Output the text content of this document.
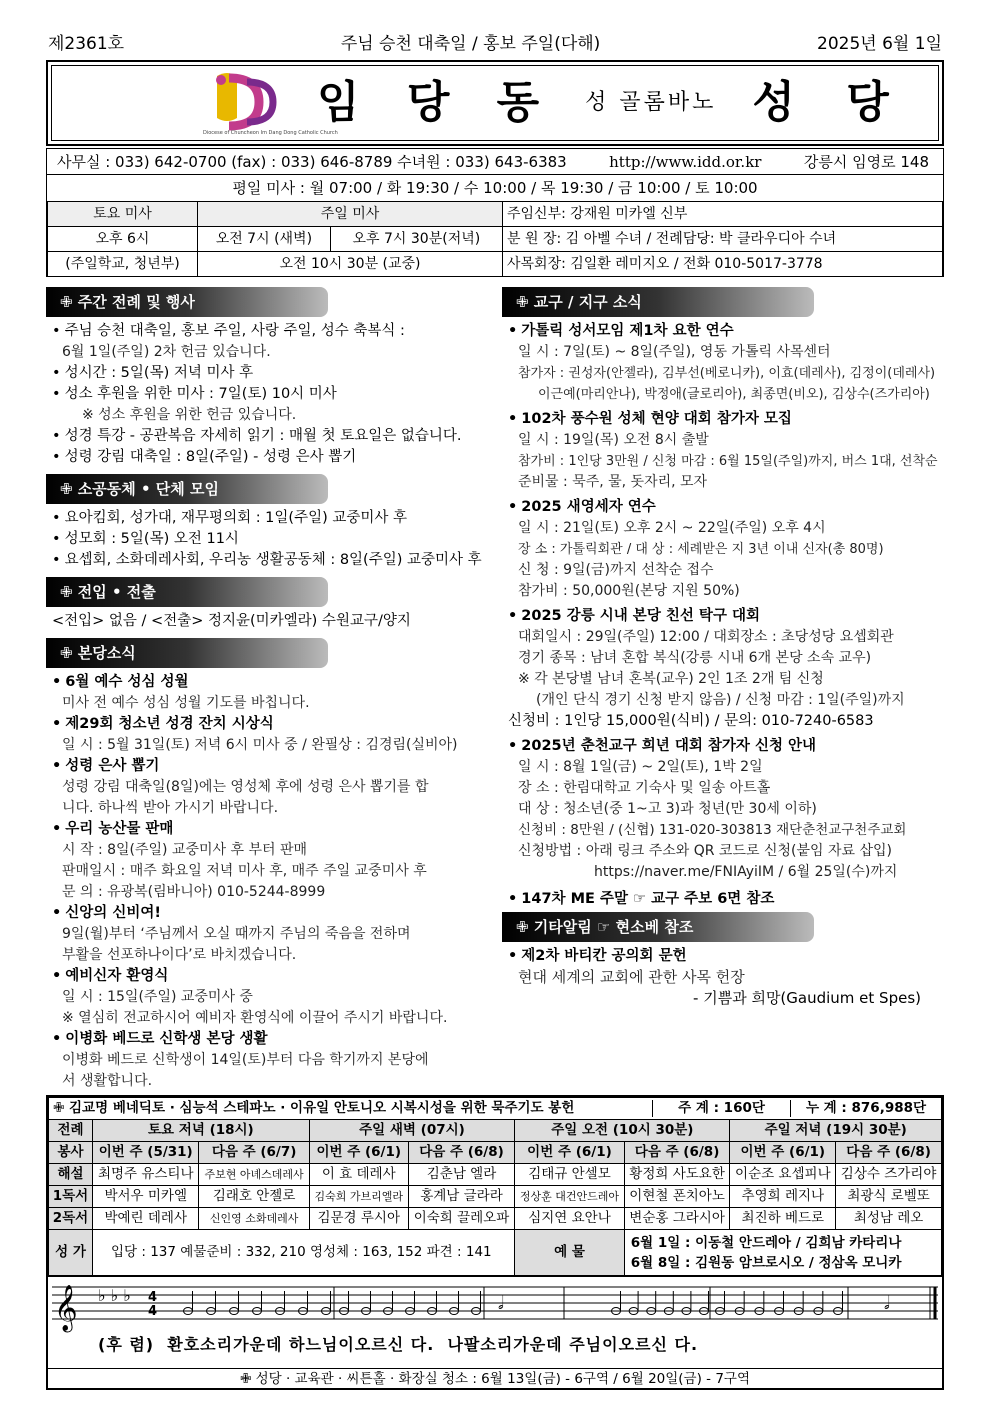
제2361호	주님 승천 대축일 / 홍보 주일(다해)	2025년 6월 1일
Diocese of Chuncheon Im Dang Dong Catholic Church
임 당 동 성 골롬바노 성 당
사무실 : 033) 642-0700 (fax) : 033) 646-8789 수녀원 : 033) 643-6383	http://www.idd.or.kr	강릉시 임영로 148
평일 미사 : 월 07:00 / 화 19:30 / 수 10:00 / 목 19:30 / 금 10:00 / 토 10:00
토요 미사	주일 미사		주임신부: 강재원 미카엘 신부
오후 6시	오전 7시 (새벽)	오후 7시 30분(저녁)	분 원 장: 김 아벨 수녀 / 전례담당: 박 클라우디아 수녀
(주일학교, 청년부)	오전 10시 30분 (교중)		사목회장: 김일환 레미지오 / 전화 010-5017-3778
✙ 주간 전례 및 행사
• 주님 승천 대축일, 홍보 주일, 사랑 주일, 성수 축복식 :
6월 1일(주일) 2차 헌금 있습니다.
• 성시간 : 5일(목) 저녁 미사 후
• 성소 후원을 위한 미사 : 7일(토) 10시 미사
※ 성소 후원을 위한 헌금 있습니다.
• 성경 특강 - 공관복음 자세히 읽기 : 매월 첫 토요일은 없습니다.
• 성령 강림 대축일 : 8일(주일) - 성령 은사 뽑기
✙ 소공동체 • 단체 모임
• 요아킴회, 성가대, 재무평의회 : 1일(주일) 교중미사 후
• 성모회 : 5일(목) 오전 11시
• 요셉회, 소화데레사회, 우리농 생활공동체 : 8일(주일) 교중미사 후
✙ 전입 • 전출
<전입> 없음 / <전출> 정지윤(미카엘라) 수원교구/양지
✙ 본당소식
• 6월 예수 성심 성월
미사 전 예수 성심 성월 기도를 바칩니다.
• 제29회 청소년 성경 잔치 시상식
일 시 : 5월 31일(토) 저녁 6시 미사 중 / 완필상 : 김경림(실비아)
• 성령 은사 뽑기
성령 강림 대축일(8일)에는 영성체 후에 성령 은사 뽑기를 합
니다. 하나씩 받아 가시기 바랍니다.
• 우리 농산물 판매
시 작 : 8일(주일) 교중미사 후 부터 판매
판매일시 : 매주 화요일 저녁 미사 후, 매주 주일 교중미사 후
문 의 : 유광복(림바니아) 010-5244-8999
• 신앙의 신비여!
9일(월)부터 ‘주님께서 오실 때까지 주님의 죽음을 전하며
부활을 선포하나이다’로 바치겠습니다.
• 예비신자 환영식
일 시 : 15일(주일) 교중미사 중
※ 열심히 전교하시어 예비자 환영식에 이끌어 주시기 바랍니다.
• 이병화 베드로 신학생 본당 생활
이병화 베드로 신학생이 14일(토)부터 다음 학기까지 본당에
서 생활합니다.
✙ 교구 / 지구 소식
• 가톨릭 성서모임 제1차 요한 연수
일 시 : 7일(토) ~ 8일(주일), 영동 가톨릭 사목센터
참가자 : 권성자(안젤라), 김부선(베로니카), 이효(데레사), 김정이(데레사)
이근예(마리안나), 박정애(글로리아), 최종면(비오), 김상수(즈가리아)
• 102차 풍수원 성체 현양 대회 참가자 모집
일 시 : 19일(목) 오전 8시 출발
참가비 : 1인당 3만원 / 신청 마감 : 6월 15일(주일)까지, 버스 1대, 선착순
준비물 : 묵주, 물, 돗자리, 모자
• 2025 새영세자 연수
일 시 : 21일(토) 오후 2시 ~ 22일(주일) 오후 4시
장 소 : 가톨릭회관 / 대 상 : 세례받은 지 3년 이내 신자(총 80명)
신 청 : 9일(금)까지 선착순 접수
참가비 : 50,000원(본당 지원 50%)
• 2025 강릉 시내 본당 친선 탁구 대회
대회일시 : 29일(주일) 12:00 / 대회장소 : 초당성당 요셉회관
경기 종목 : 남녀 혼합 복식(강릉 시내 6개 본당 소속 교우)
※ 각 본당별 남녀 혼복(교우) 2인 1조 2개 팀 신청
(개인 단식 경기 신청 받지 않음) / 신청 마감 : 1일(주일)까지
신청비 : 1인당 15,000원(식비) / 문의: 010-7240-6583
• 2025년 춘천교구 희년 대회 참가자 신청 안내
일 시 : 8월 1일(금) ~ 2일(토), 1박 2일
장 소 : 한림대학교 기숙사 및 일송 아트홀
대 상 : 청소년(중 1~고 3)과 청년(만 30세 이하)
신청비 : 8만원 / (신협) 131-020-303813 재단춘천교구천주교회
신청방법 : 아래 링크 주소와 QR 코드로 신청(붙임 자료 삽입)
https://naver.me/FNIAyiIM / 6월 25일(수)까지
• 147차 ME 주말 ☞ 교구 주보 6면 참조
✙ 기타알림 ☞ 현소베 참조
• 제2차 바티칸 공의회 문헌
현대 세계의 교회에 관한 사목 헌장
- 기쁨과 희망(Gaudium et Spes)
✙ 김교명 베네딕토 · 심능석 스테파노 · 이유일 안토니오 시복시성을 위한 묵주기도 봉헌 주 계 : 160단 누 계 : 876,988단								

전례	토요 저녁 (18시)		주일 새벽 (07시)		주일 오전 (10시 30분)		주일 저녁 (19시 30분)	
봉사	이번 주 (5/31)	다음 주 (6/7)	이번 주 (6/1)	다음 주 (6/8)	이번 주 (6/1)	다음 주 (6/8)	이번 주 (6/1)	다음 주 (6/8)
해설	최명주 유스티나	주보현 아녜스데레사	이 효 데레사	김춘남 엘라	김태규 안셀모	황정희 사도요한	이순조 요셉피나	김상수 즈가리야
1독서	박서우 미카엘	김래호 안젤로	김숙희 가브리엘라	홍계남 글라라	정상훈 대건안드레아	이현철 폰치아노	추영희 레지나	최광식 로벨또
2독서	박예린 데레사	신인영 소화데레사	김문경 루시아	이숙희 끌레오파	심지연 요안나	변순홍 그라시아	최진하 베드로	최성남 레오
성 가	입당 : 137 예물준비 : 332, 210 영성체 : 163, 152 파견 : 141				예 물	6월 1일 : 이동철 안드레아 / 김희남 카타리나
6월 8일 : 김원동 암브로시오 / 정삼옥 모니카		
𝄞 ♭ ♭ ♭ 4
4	𝅗𝅥	𝅗𝅥
(후 렴)  환호소리가운데 하느님이오르신 다.  나팔소리가운데 주님이오르신 다.
✙ 성당 · 교육관 · 씨튼홀 · 화장실 청소 : 6월 13일(금) - 6구역 / 6월 20일(금) - 7구역
